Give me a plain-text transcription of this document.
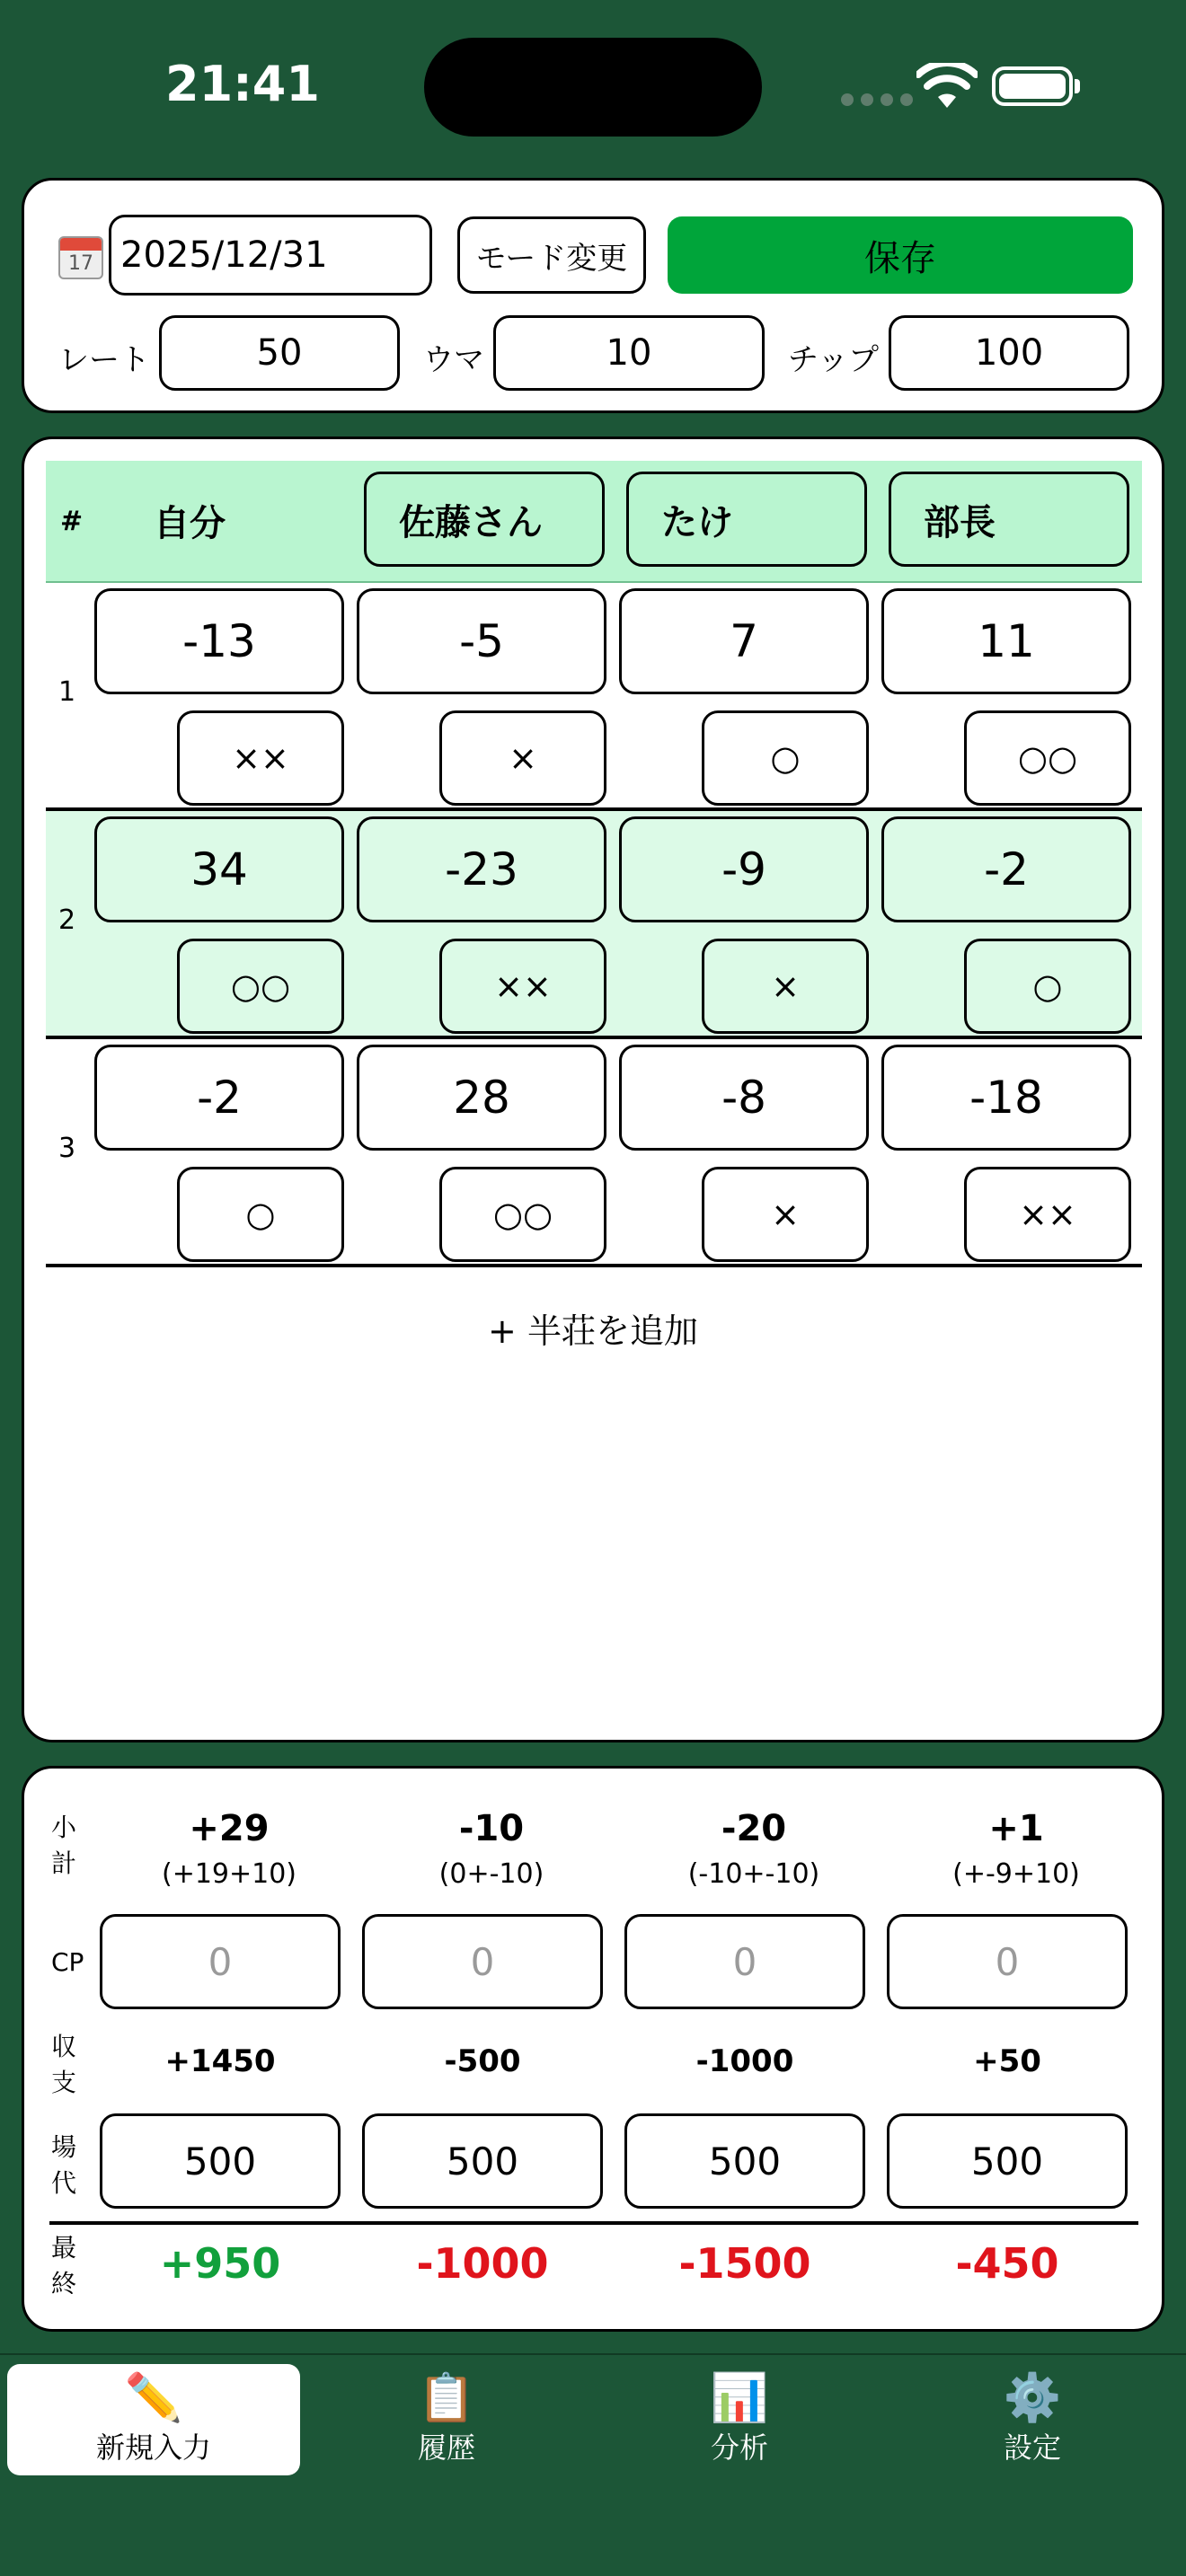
21:41
17 2025/12/31	モード変更	保存
レート	50	ウマ	10	チップ	100
# 自分	佐藤さん	たけ	部長
1
-13	-5	7	11
××	×	○	○○
2
34	-23	-9	-2
○○	××	×	○
3
-2	28	-8	-18
○	○○	×	××
+ 半荘を追加
小
計
+29	-10	-20	+1
(+19+10)	(0+-10)	(-10+-10)	(+-9+10)
CP	0	0	0	0
収
支
+1450	-500	-1000	+50
場
代	500	500	500	500
最
終	+950	-1000	-1500	-450
✏️
新規入力
📋
履歴
📊
分析
⚙️
設定
